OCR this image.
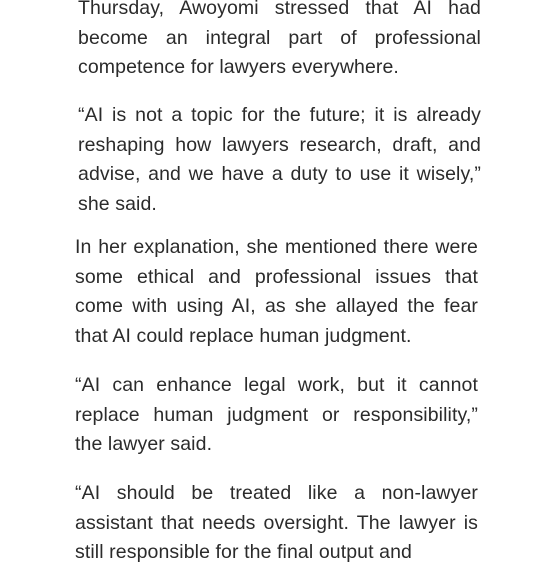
Thursday, Awoyomi stressed that AI had become an integral part of professional competence for lawyers everywhere.

“AI is not a topic for the future; it is already reshaping how lawyers research, draft, and advise, and we have a duty to use it wisely,” she said.

In her explanation, she mentioned there were some ethical and professional issues that come with using AI, as she allayed the fear that AI could replace human judgment.

“AI can enhance legal work, but it cannot replace human judgment or responsibility,” the lawyer said.

“AI should be treated like a non-lawyer assistant that needs oversight. The lawyer is still responsible for the final output and
